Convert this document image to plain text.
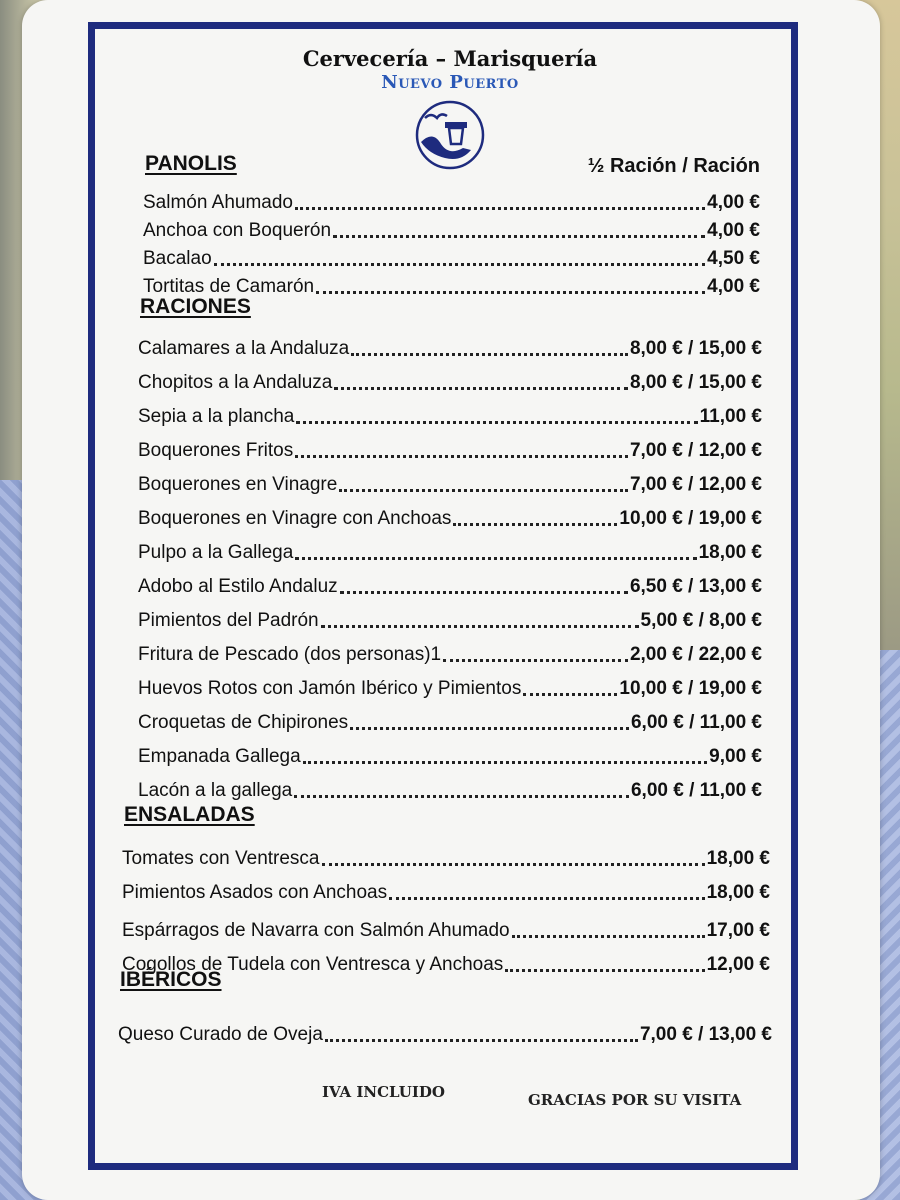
Cervecería – Marisquería
Nuevo Puerto
½ Ración / Ración
PANOLIS
Salmón Ahumado	4,00 €
Anchoa con Boquerón	4,00 €
Bacalao	4,50 €
Tortitas de Camarón	4,00 €
RACIONES
Calamares a la Andaluza	8,00 € / 15,00 €
Chopitos a la Andaluza	8,00 € / 15,00 €
Sepia a la plancha	11,00 €
Boquerones Fritos	7,00 € / 12,00 €
Boquerones en Vinagre	7,00 € / 12,00 €
Boquerones en Vinagre con Anchoas	10,00 € / 19,00 €
Pulpo a la Gallega	18,00 €
Adobo al Estilo Andaluz	6,50 € / 13,00 €
Pimientos del Padrón	5,00 € / 8,00 €
Fritura de Pescado (dos personas)1	2,00 € / 22,00 €
Huevos Rotos con Jamón Ibérico y Pimientos	10,00 € / 19,00 €
Croquetas de Chipirones	6,00 € / 11,00 €
Empanada Gallega	9,00 €
Lacón a la gallega	6,00 € / 11,00 €
ENSALADAS
Tomates con Ventresca	18,00 €
Pimientos Asados con Anchoas	18,00 €
Espárragos de Navarra con Salmón Ahumado	17,00 €
Cogollos de Tudela con Ventresca y Anchoas	12,00 €
IBÉRICOS
Queso Curado de Oveja	7,00 € / 13,00 €
IVA INCLUIDO	GRACIAS POR SU VISITA
